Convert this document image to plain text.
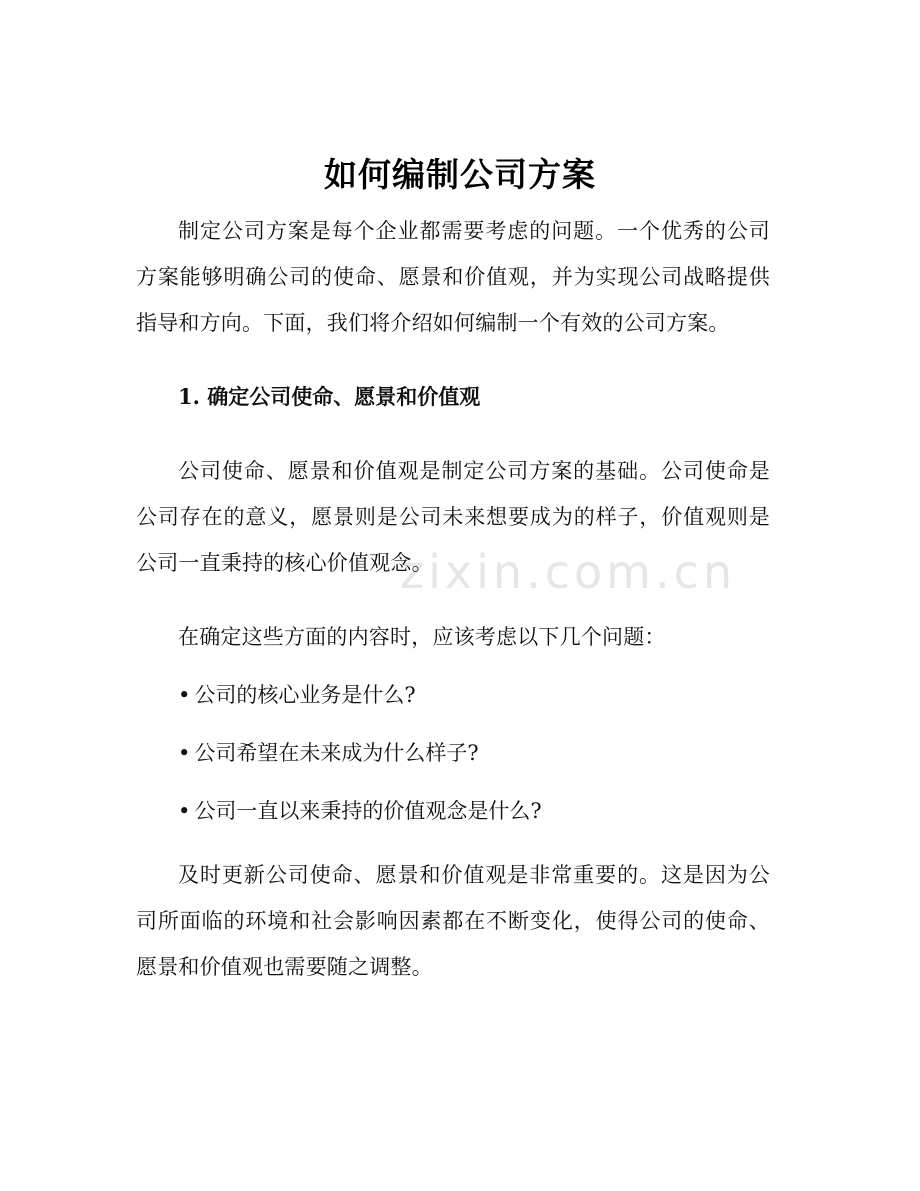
zixin.com.cn
如何编制公司方案

制定公司方案是每个企业都需要考虑的问题。一个优秀的公司方案能够明确公司的使命、愿景和价值观，并为实现公司战略提供指导和方向。下面，我们将介绍如何编制一个有效的公司方案。

1. 确定公司使命、愿景和价值观

公司使命、愿景和价值观是制定公司方案的基础。公司使命是公司存在的意义，愿景则是公司未来想要成为的样子，价值观则是公司一直秉持的核心价值观念。

在确定这些方面的内容时，应该考虑以下几个问题：

• 公司的核心业务是什么?
• 公司希望在未来成为什么样子?
• 公司一直以来秉持的价值观念是什么?

及时更新公司使命、愿景和价值观是非常重要的。这是因为公司所面临的环境和社会影响因素都在不断变化，使得公司的使命、愿景和价值观也需要随之调整。
